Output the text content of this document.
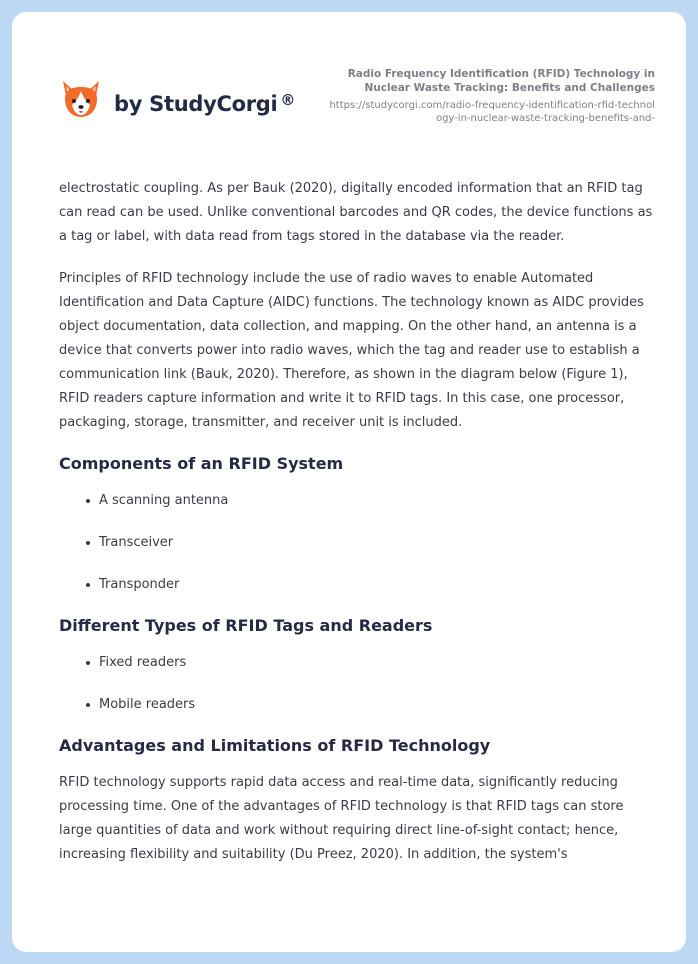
by StudyCorgi ®
Radio Frequency Identification (RFID) Technology in Nuclear Waste Tracking: Benefits and Challenges
https://studycorgi.com/radio-frequency-identification-rfid-technology-in-nuclear-waste-tracking-benefits-and-

electrostatic coupling. As per Bauk (2020), digitally encoded information that an RFID tag can read can be used. Unlike conventional barcodes and QR codes, the device functions as a tag or label, with data read from tags stored in the database via the reader.

Principles of RFID technology include the use of radio waves to enable Automated Identification and Data Capture (AIDC) functions. The technology known as AIDC provides object documentation, data collection, and mapping. On the other hand, an antenna is a device that converts power into radio waves, which the tag and reader use to establish a communication link (Bauk, 2020). Therefore, as shown in the diagram below (Figure 1), RFID readers capture information and write it to RFID tags. In this case, one processor, packaging, storage, transmitter, and receiver unit is included.

Components of an RFID System
A scanning antenna
Transceiver
Transponder
Different Types of RFID Tags and Readers
Fixed readers
Mobile readers
Advantages and Limitations of RFID Technology

RFID technology supports rapid data access and real-time data, significantly reducing processing time. One of the advantages of RFID technology is that RFID tags can store large quantities of data and work without requiring direct line-of-sight contact; hence, increasing flexibility and suitability (Du Preez, 2020). In addition, the system's
